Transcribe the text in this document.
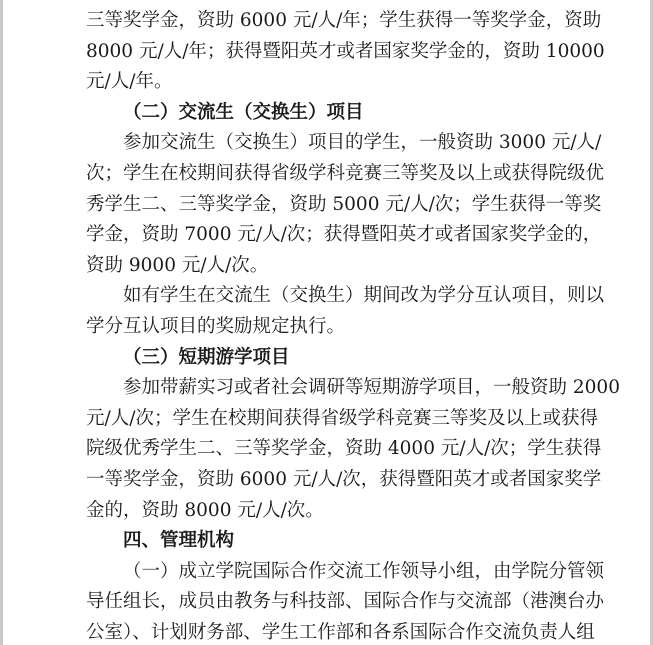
三等奖学金，资助 6000 元/人/年；学生获得一等奖学金，资助
8000 元/人/年；获得暨阳英才或者国家奖学金的，资助 10000
元/人/年。
（二）交流生（交换生）项目
参加交流生（交换生）项目的学生，一般资助 3000 元/人/
次；学生在校期间获得省级学科竞赛三等奖及以上或获得院级优
秀学生二、三等奖学金，资助 5000 元/人/次；学生获得一等奖
学金，资助 7000 元/人/次；获得暨阳英才或者国家奖学金的，
资助 9000 元/人/次。
如有学生在交流生（交换生）期间改为学分互认项目，则以
学分互认项目的奖励规定执行。
（三）短期游学项目
参加带薪实习或者社会调研等短期游学项目，一般资助 2000
元/人/次；学生在校期间获得省级学科竞赛三等奖及以上或获得
院级优秀学生二、三等奖学金，资助 4000 元/人/次；学生获得
一等奖学金，资助 6000 元/人/次，获得暨阳英才或者国家奖学
金的，资助 8000 元/人/次。
四、管理机构
（一）成立学院国际合作交流工作领导小组，由学院分管领
导任组长，成员由教务与科技部、国际合作与交流部（港澳台办
公室）、计划财务部、学生工作部和各系国际合作交流负责人组
